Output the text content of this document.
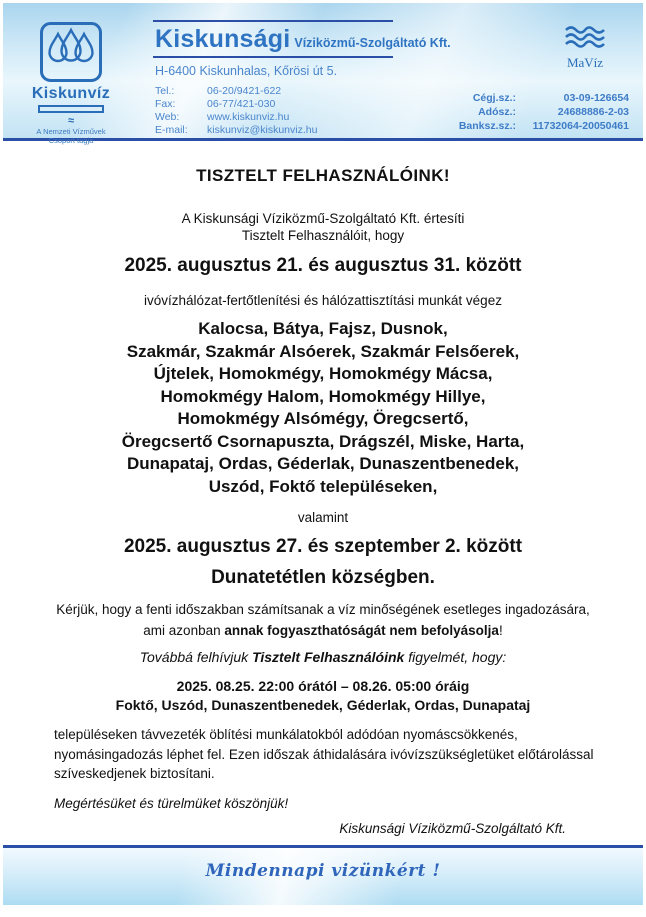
Kiskunvíz
≈
A Nemzeti Vízművek
Csoport tagja
Kiskunsági Víziközmű-Szolgáltató Kft.
H-6400 Kiskunhalas, Kőrösi út 5.
Tel.:	06-20/9421-622
Fax:	06-77/421-030
Web:	www.kiskunviz.hu
E-mail:	kiskunviz@kiskunviz.hu
MaVíz
Cégj.sz.:	03-09-126654
Adósz.:	24688886-2-03
Banksz.sz.:	11732064-20050461
TISZTELT FELHASZNÁLÓINK!
A Kiskunsági Víziközmű-Szolgáltató Kft. értesíti
Tisztelt Felhasználóit, hogy
2025. augusztus 21. és augusztus 31. között
ivóvízhálózat-fertőtlenítési és hálózattisztítási munkát végez
Kalocsa, Bátya, Fajsz, Dusnok,
Szakmár, Szakmár Alsóerek, Szakmár Felsőerek,
Újtelek, Homokmégy, Homokmégy Mácsa,
Homokmégy Halom, Homokmégy Hillye,
Homokmégy Alsómégy, Öregcsertő,
Öregcsertő Csornapuszta, Drágszél, Miske, Harta,
Dunapataj, Ordas, Géderlak, Dunaszentbenedek,
Uszód, Foktő településeken,
valamint
2025. augusztus 27. és szeptember 2. között
Dunatetétlen községben.
Kérjük, hogy a fenti időszakban számítsanak a víz minőségének esetleges ingadozására, ami azonban annak fogyaszthatóságát nem befolyásolja!
Továbbá felhívjuk Tisztelt Felhasználóink figyelmét, hogy:
2025. 08.25. 22:00 órától – 08.26. 05:00 óráig
Foktő, Uszód, Dunaszentbenedek, Géderlak, Ordas, Dunapataj
településeken távvezeték öblítési munkálatokból adódóan nyomáscsökkenés, nyomásingadozás léphet fel. Ezen időszak áthidalására ivóvízszükségletüket előtárolással szíveskedjenek biztosítani.
Megértésüket és türelmüket köszönjük!
Kiskunsági Víziközmű-Szolgáltató Kft.
Mindennapi vizünkért !
